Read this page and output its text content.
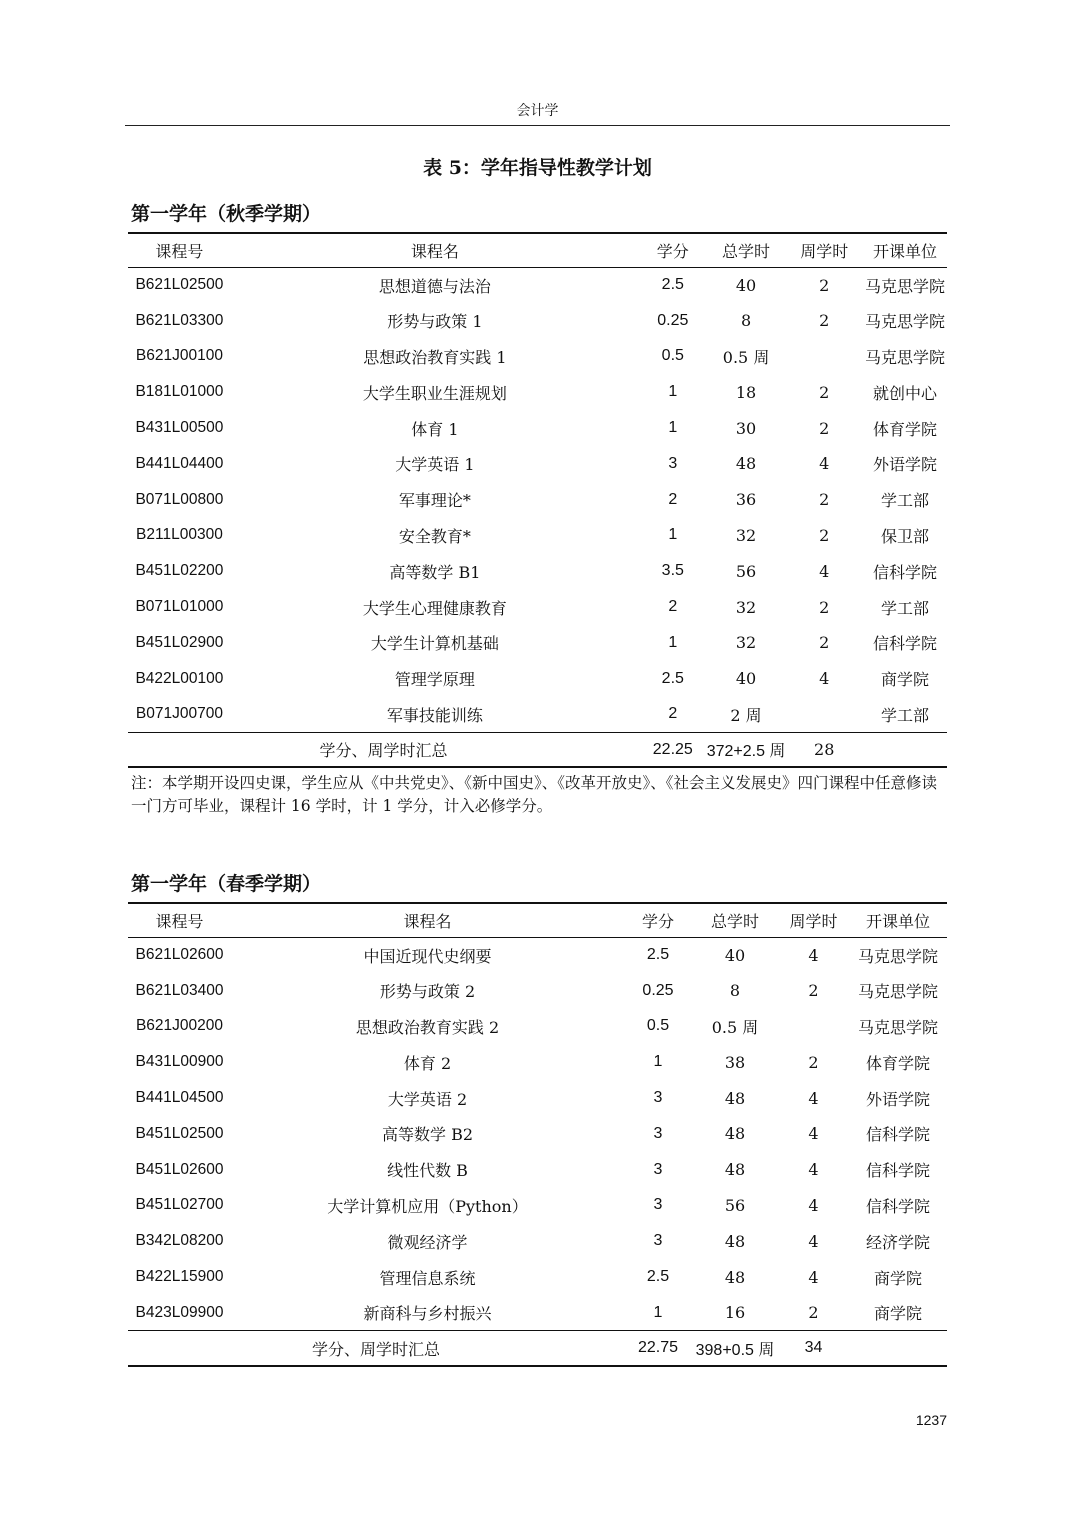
会计学
表 5：学年指导性教学计划
第一学年（秋季学期）
课程号	课程名	学分	总学时	周学时	开课单位
B621L02500	思想道德与法治	2.5	40	2	马克思学院
B621L03300	形势与政策 1	0.25	8	2	马克思学院
B621J00100	思想政治教育实践 1	0.5	0.5 周		马克思学院
B181L01000	大学生职业生涯规划	1	18	2	就创中心
B431L00500	体育 1	1	30	2	体育学院
B441L04400	大学英语 1	3	48	4	外语学院
B071L00800	军事理论*	2	36	2	学工部
B211L00300	安全教育*	1	32	2	保卫部
B451L02200	高等数学 B1	3.5	56	4	信科学院
B071L01000	大学生心理健康教育	2	32	2	学工部
B451L02900	大学生计算机基础	1	32	2	信科学院
B422L00100	管理学原理	2.5	40	4	商学院
B071J00700	军事技能训练	2	2 周		学工部
学分、周学时汇总		22.25	372+2.5 周	28	
注：本学期开设四史课，学生应从《中共党史》、《新中国史》、《改革开放史》、《社会主义发展史》四门课程中任意修读一门方可毕业，课程计 16 学时，计 1 学分，计入必修学分。
第一学年（春季学期）
课程号	课程名	学分	总学时	周学时	开课单位
B621L02600	中国近现代史纲要	2.5	40	4	马克思学院
B621L03400	形势与政策 2	0.25	8	2	马克思学院
B621J00200	思想政治教育实践 2	0.5	0.5 周		马克思学院
B431L00900	体育 2	1	38	2	体育学院
B441L04500	大学英语 2	3	48	4	外语学院
B451L02500	高等数学 B2	3	48	4	信科学院
B451L02600	线性代数 B	3	48	4	信科学院
B451L02700	大学计算机应用（Python）	3	56	4	信科学院
B342L08200	微观经济学	3	48	4	经济学院
B422L15900	管理信息系统	2.5	48	4	商学院
B423L09900	新商科与乡村振兴	1	16	2	商学院
学分、周学时汇总		22.75	398+0.5 周	34	
1237
